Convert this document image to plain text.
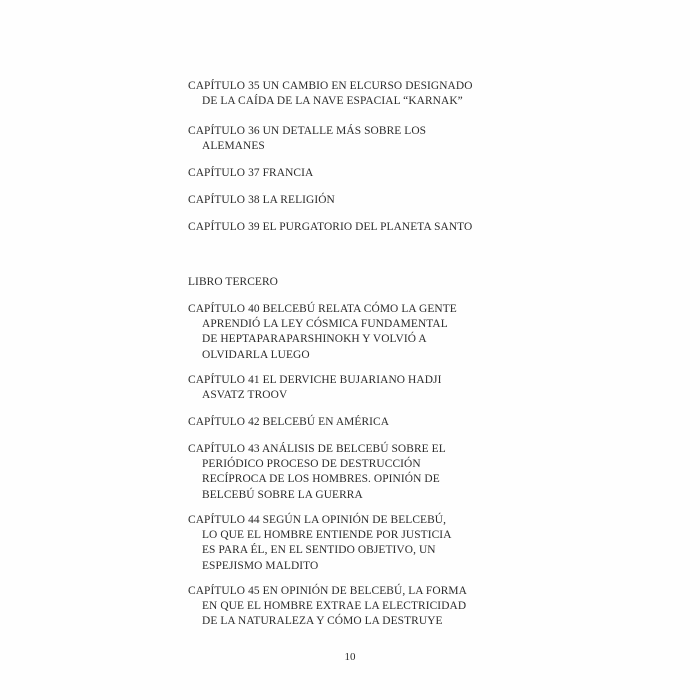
CAPÍTULO 35 UN CAMBIO EN ELCURSO DESIGNADO
DE LA CAÍDA DE LA NAVE ESPACIAL “KARNAK”
CAPÍTULO 36 UN DETALLE MÁS SOBRE LOS
ALEMANES
CAPÍTULO 37 FRANCIA
CAPÍTULO 38 LA RELIGIÓN
CAPÍTULO 39 EL PURGATORIO DEL PLANETA SANTO
LIBRO TERCERO
CAPÍTULO 40 BELCEBÚ RELATA CÓMO LA GENTE
APRENDIÓ LA LEY CÓSMICA FUNDAMENTAL
DE HEPTAPARAPARSHINOKH Y VOLVIÓ A
OLVIDARLA LUEGO
CAPÍTULO 41 EL DERVICHE BUJARIANO HADJI
ASVATZ TROOV
CAPÍTULO 42 BELCEBÚ EN AMÉRICA
CAPÍTULO 43 ANÁLISIS DE BELCEBÚ SOBRE EL
PERIÓDICO PROCESO DE DESTRUCCIÓN
RECÍPROCA DE LOS HOMBRES. OPINIÓN DE
BELCEBÚ SOBRE LA GUERRA
CAPÍTULO 44 SEGÚN LA OPINIÓN DE BELCEBÚ,
LO QUE EL HOMBRE ENTIENDE POR JUSTICIA
ES PARA ÉL, EN EL SENTIDO OBJETIVO, UN
ESPEJISMO MALDITO
CAPÍTULO 45 EN OPINIÓN DE BELCEBÚ, LA FORMA
EN QUE EL HOMBRE EXTRAE LA ELECTRICIDAD
DE LA NATURALEZA Y CÓMO LA DESTRUYE
10
